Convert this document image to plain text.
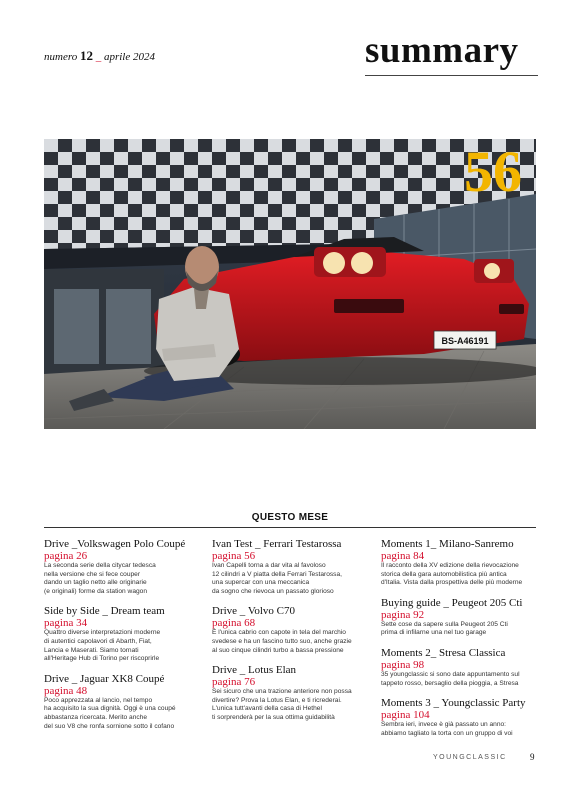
numero 12 _ aprile 2024	summary
BS-A46191
56
QUESTO MESE
Drive _Volkswagen Polo Coupé
pagina 26
La seconda serie della citycar tedesca
nella versione che si fece couper
dando un taglio netto alle originarie
(e originali) forme da station wagon
Side by Side _ Dream team
pagina 34
Quattro diverse interpretazioni moderne
di autentici capolavori di Abarth, Fiat,
Lancia e Maserati. Siamo tornati
all'Heritage Hub di Torino per riscoprirle
Drive _ Jaguar XK8 Coupé
pagina 48
Poco apprezzata al lancio, nel tempo
ha acquisito la sua dignità. Oggi è una coupé
abbastanza ricercata. Merito anche
del suo V8 che ronfa sornione sotto il cofano
Ivan Test _ Ferrari Testarossa
pagina 56
Ivan Capelli torna a dar vita al favoloso
12 cilindri a V piatta della Ferrari Testarossa,
una supercar con una meccanica
da sogno che rievoca un passato glorioso
Drive _ Volvo C70
pagina 68
È l'unica cabrio con capote in tela del marchio
svedese e ha un fascino tutto suo, anche grazie
al suo cinque cilindri turbo a bassa pressione
Drive _ Lotus Elan
pagina 76
Sei sicuro che una trazione anteriore non possa
divertire? Prova la Lotus Elan, e ti ricrederai.
L'unica tutt'avanti della casa di Hethel
ti sorprenderà per la sua ottima guidabilità
Moments 1_ Milano-Sanremo
pagina 84
Il racconto della XV edizione della rievocazione
storica della gara automobilistica più antica
d'Italia. Vista dalla prospettiva delle più moderne
Buying guide _ Peugeot 205 Cti
pagina 92
Sette cose da sapere sulla Peugeot 205 Cti
prima di infilarne una nel tuo garage
Moments 2_ Stresa Classica
pagina 98
35 youngclassic si sono date appuntamento sul
tappeto rosso, bersaglio della pioggia, a Stresa
Moments 3 _ Youngclassic Party
pagina 104
Sembra ieri, invece è già passato un anno:
abbiamo tagliato la torta con un gruppo di voi
YOUNGCLASSIC	9
